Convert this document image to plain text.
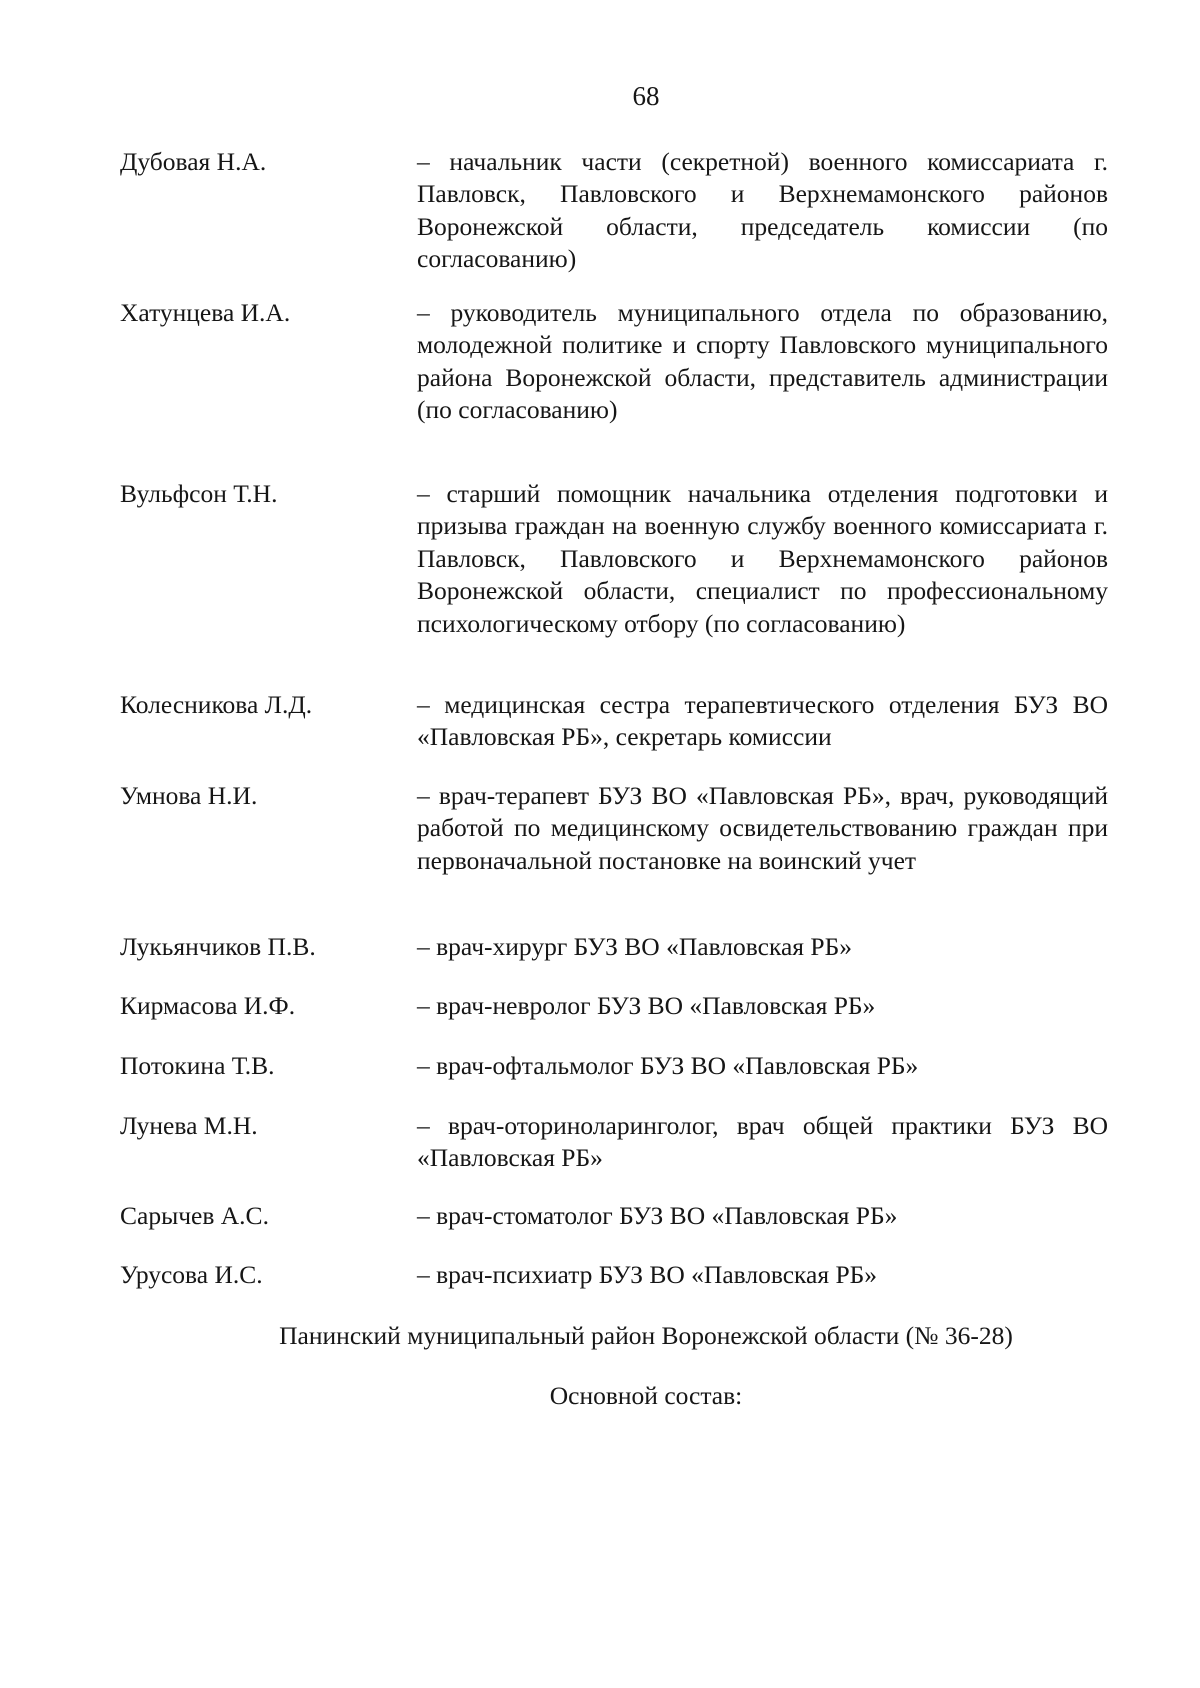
68
Дубовая Н.А.	– начальник части (секретной) военного комиссариата г. Павловск, Павловского и Верхнемамонского районов Воронежской области, председатель комиссии (по согласованию)
Хатунцева И.А.	– руководитель муниципального отдела по образованию, молодежной политике и спорту Павловского муниципального района Воронежской области, представитель администрации (по согласованию)
Вульфсон Т.Н.	– старший помощник начальника отделения подготовки и призыва граждан на военную службу военного комиссариата г. Павловск, Павловского и Верхнемамонского районов Воронежской области, специалист по профессиональному психологическому отбору (по согласованию)
Колесникова Л.Д.	– медицинская сестра терапевтического отделения БУЗ ВО «Павловская РБ», секретарь комиссии
Умнова Н.И.	– врач-терапевт БУЗ ВО «Павловская РБ», врач, руководящий работой по медицинскому освидетельствованию граждан при первоначальной постановке на воинский учет
Лукьянчиков П.В.	– врач-хирург БУЗ ВО «Павловская РБ»
Кирмасова И.Ф.	– врач-невролог БУЗ ВО «Павловская РБ»
Потокина Т.В.	– врач-офтальмолог БУЗ ВО «Павловская РБ»
Лунева М.Н.	– врач-оториноларинголог, врач общей практики БУЗ ВО «Павловская РБ»
Сарычев А.С.	– врач-стоматолог БУЗ ВО «Павловская РБ»
Урусова И.С.	– врач-психиатр БУЗ ВО «Павловская РБ»
Панинский муниципальный район Воронежской области (№ 36-28)
Основной состав:
